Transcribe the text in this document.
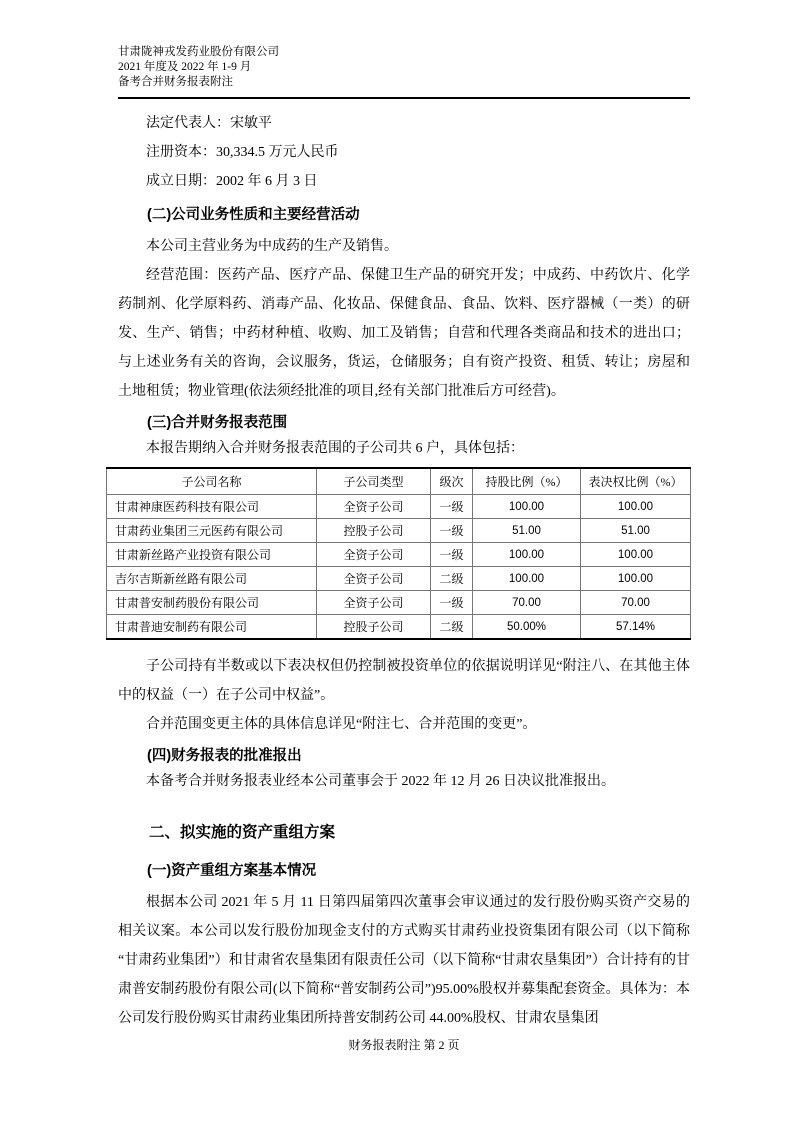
甘肃陇神戎发药业股份有限公司
2021 年度及 2022 年 1-9 月
备考合并财务报表附注

法定代表人：宋敏平

注册资本：30,334.5 万元人民币

成立日期：2002 年 6 月 3 日

(二)公司业务性质和主要经营活动

本公司主营业务为中成药的生产及销售。

经营范围：医药产品、医疗产品、保健卫生产品的研究开发；中成药、中药饮片、化学药制剂、化学原料药、消毒产品、化妆品、保健食品、食品、饮料、医疗器械（一类）的研发、生产、销售；中药材种植、收购、加工及销售；自营和代理各类商品和技术的进出口；与上述业务有关的咨询，会议服务，货运，仓储服务；自有资产投资、租赁、转让；房屋和土地租赁；物业管理(依法须经批准的项目,经有关部门批准后方可经营)。

(三)合并财务报表范围

本报告期纳入合并财务报表范围的子公司共 6 户，具体包括：

子公司名称	子公司类型	级次	持股比例（%）	表决权比例（%）
甘肃神康医药科技有限公司	全资子公司	一级	100.00	100.00
甘肃药业集团三元医药有限公司	控股子公司	一级	51.00	51.00
甘肃新丝路产业投资有限公司	全资子公司	一级	100.00	100.00
吉尔吉斯新丝路有限公司	全资子公司	二级	100.00	100.00
甘肃普安制药股份有限公司	全资子公司	一级	70.00	70.00
甘肃普迪安制药有限公司	控股子公司	二级	50.00%	57.14%

子公司持有半数或以下表决权但仍控制被投资单位的依据说明详见“附注八、在其他主体中的权益（一）在子公司中权益”。

合并范围变更主体的具体信息详见“附注七、合并范围的变更”。

(四)财务报表的批准报出

本备考合并财务报表业经本公司董事会于 2022 年 12 月 26 日决议批准报出。

二、拟实施的资产重组方案
(一)资产重组方案基本情况

根据本公司 2021 年 5 月 11 日第四届第四次董事会审议通过的发行股份购买资产交易的相关议案。本公司以发行股份加现金支付的方式购买甘肃药业投资集团有限公司（以下简称“甘肃药业集团”）和甘肃省农垦集团有限责任公司（以下简称“甘肃农垦集团”）合计持有的甘肃普安制药股份有限公司(以下简称“普安制药公司”)95.00%股权并募集配套资金。具体为：本公司发行股份购买甘肃药业集团所持普安制药公司 44.00%股权、甘肃农垦集团

财务报表附注 第 2 页
